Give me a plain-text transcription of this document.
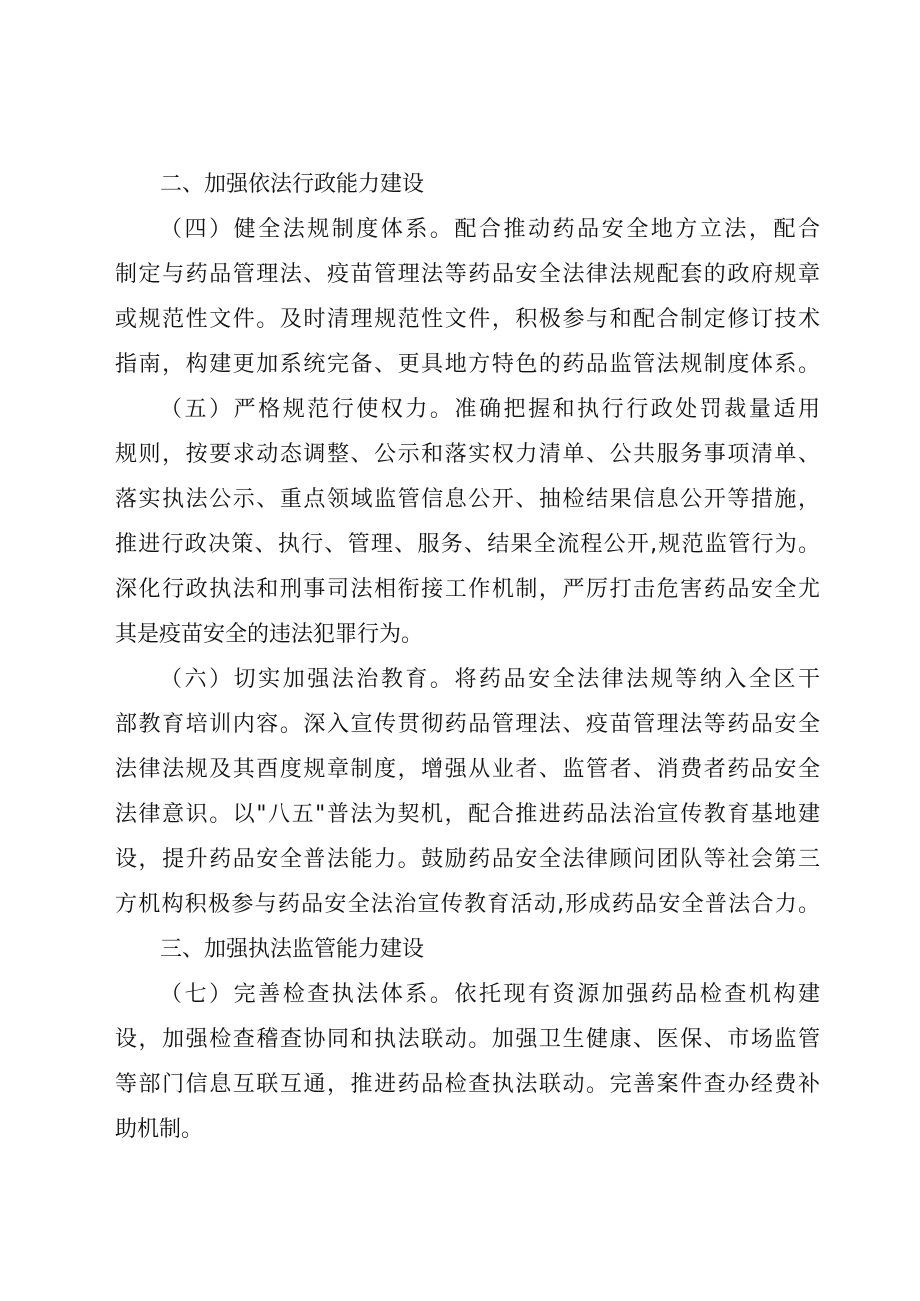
二、加强依法行政能力建设
（四）健全法规制度体系。配合推动药品安全地方立法，配合
制定与药品管理法、疫苗管理法等药品安全法律法规配套的政府规章
或规范性文件。及时清理规范性文件，积极参与和配合制定修订技术
指南，构建更加系统完备、更具地方特色的药品监管法规制度体系。
（五）严格规范行使权力。准确把握和执行行政处罚裁量适用
规则，按要求动态调整、公示和落实权力清单、公共服务事项清单、
落实执法公示、重点领域监管信息公开、抽检结果信息公开等措施，
推进行政决策、执行、管理、服务、结果全流程公开,规范监管行为。
深化行政执法和刑事司法相衔接工作机制，严厉打击危害药品安全尤
其是疫苗安全的违法犯罪行为。
（六）切实加强法治教育。将药品安全法律法规等纳入全区干
部教育培训内容。深入宣传贯彻药品管理法、疫苗管理法等药品安全
法律法规及其酉度规章制度，增强从业者、监管者、消费者药品安全
法律意识。以"八五"普法为契机，配合推进药品法治宣传教育基地建
设，提升药品安全普法能力。鼓励药品安全法律顾问团队等社会第三
方机构积极参与药品安全法治宣传教育活动,形成药品安全普法合力。
三、加强执法监管能力建设
（七）完善检查执法体系。依托现有资源加强药品检查机构建
设，加强检查稽查协同和执法联动。加强卫生健康、医保、市场监管
等部门信息互联互通，推进药品检查执法联动。完善案件查办经费补
助机制。
